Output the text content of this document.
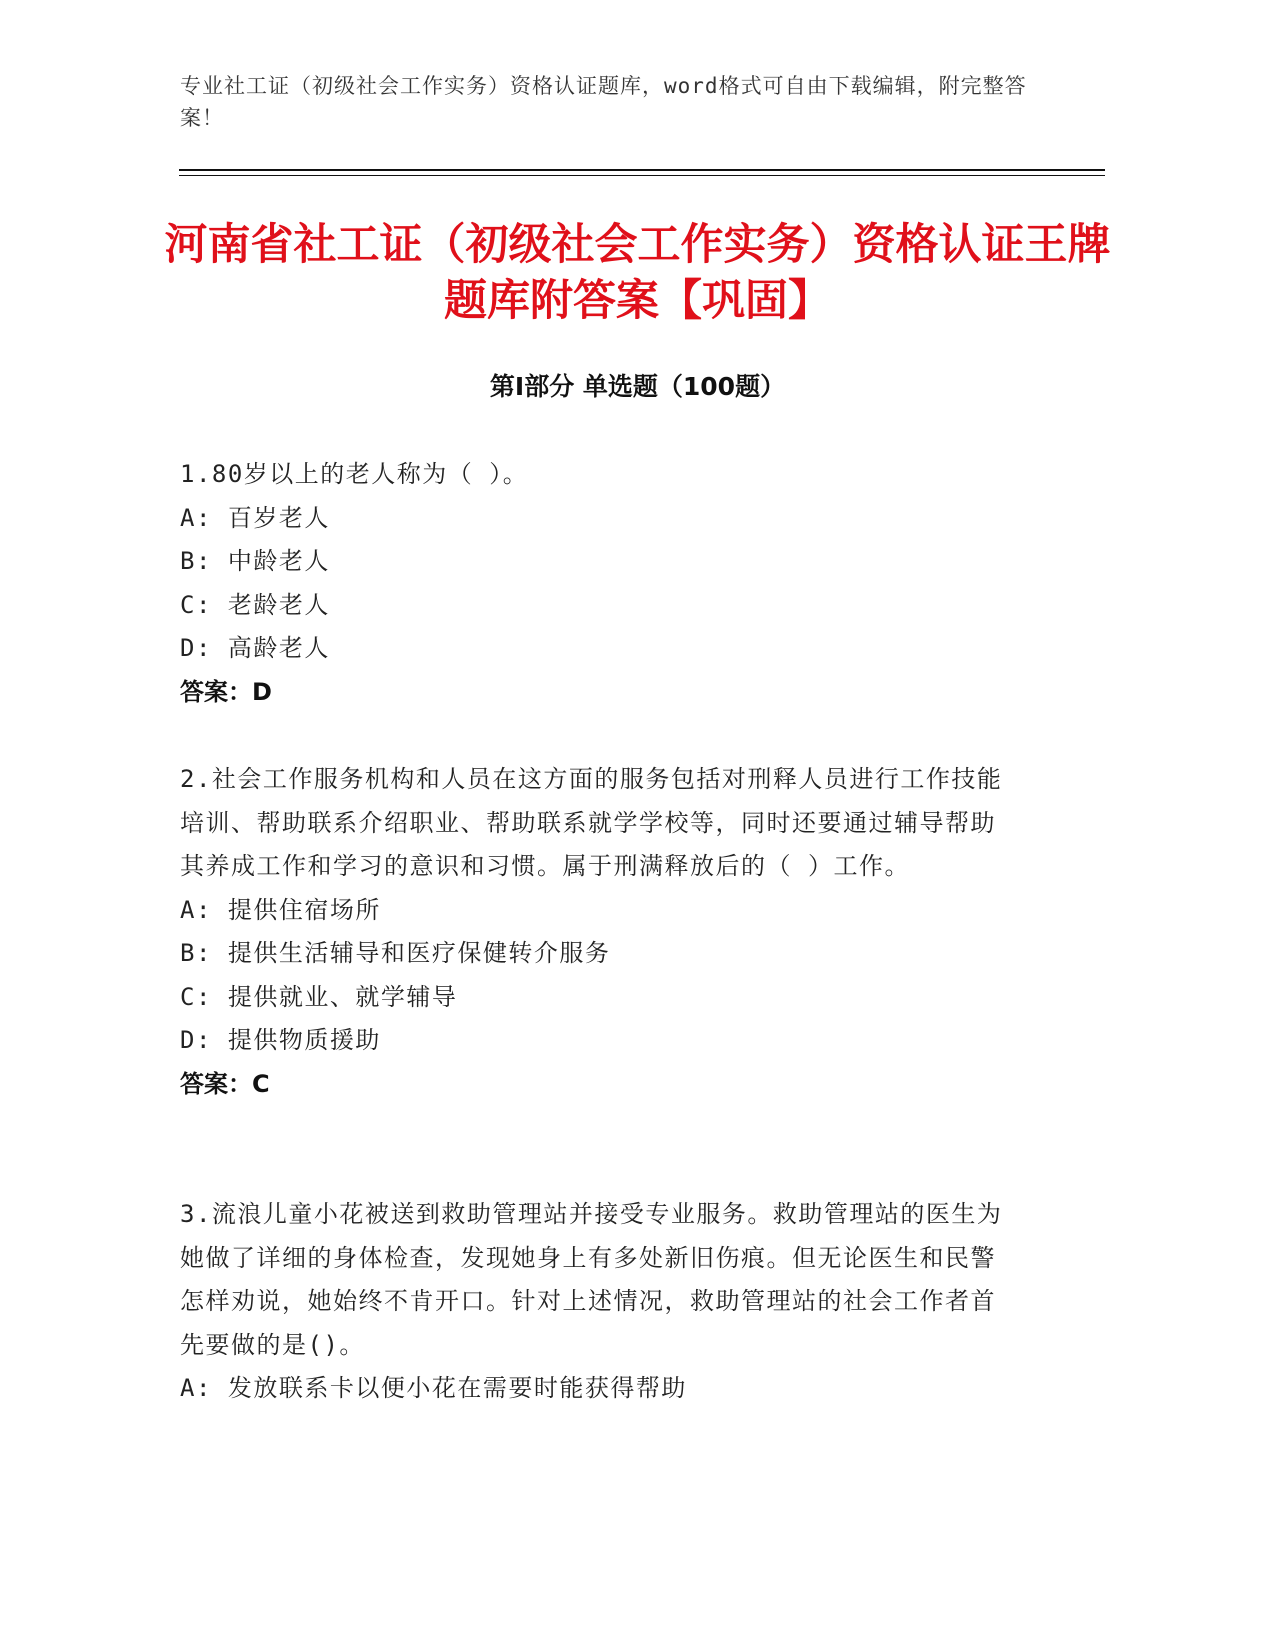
专业社工证（初级社会工作实务）资格认证题库，word格式可自由下载编辑，附完整答案！
河南省社工证（初级社会工作实务）资格认证王牌题库附答案【巩固】
第Ⅰ部分 单选题（100题）

1.80岁以上的老人称为（ ）。

A: 百岁老人

B: 中龄老人

C: 老龄老人

D: 高龄老人

答案：D

2.社会工作服务机构和人员在这方面的服务包括对刑释人员进行工作技能培训、帮助联系介绍职业、帮助联系就学学校等，同时还要通过辅导帮助其养成工作和学习的意识和习惯。属于刑满释放后的（ ）工作。

A: 提供住宿场所

B: 提供生活辅导和医疗保健转介服务

C: 提供就业、就学辅导

D: 提供物质援助

答案：C

3.流浪儿童小花被送到救助管理站并接受专业服务。救助管理站的医生为她做了详细的身体检查，发现她身上有多处新旧伤痕。但无论医生和民警怎样劝说，她始终不肯开口。针对上述情况，救助管理站的社会工作者首先要做的是()。

A: 发放联系卡以便小花在需要时能获得帮助
